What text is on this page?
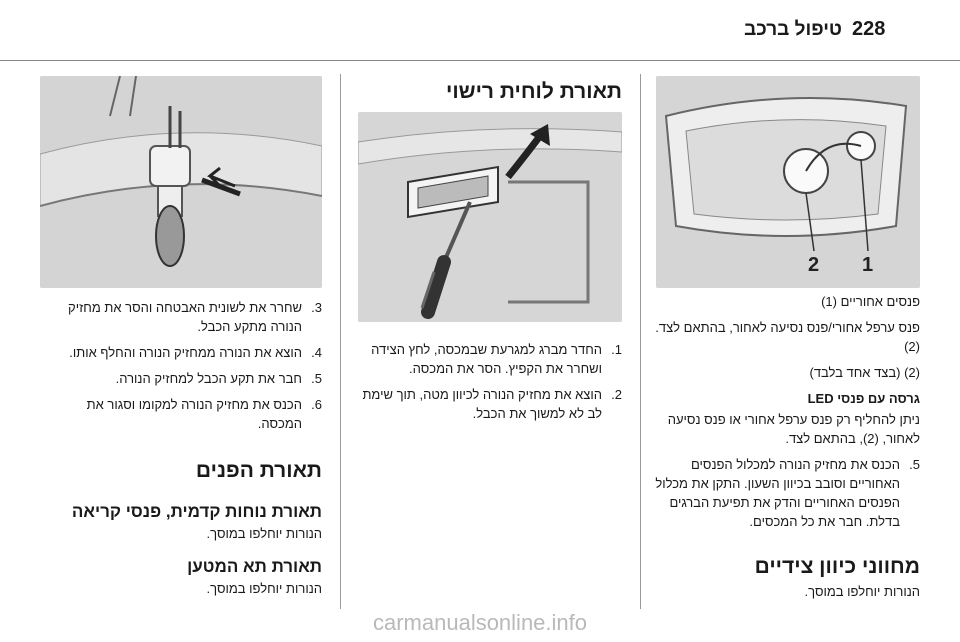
228
טיפול ברכב
3.
שחרר את לשונית האבטחה והסר את מחזיק הנורה מתקע הכבל.
4.
הוצא את הנורה ממחזיק הנורה והחלף אותו.
5.
חבר את תקע הכבל למחזיק הנורה.
6.
הכנס את מחזיק הנורה למקומו וסגור את המכסה.
תאורת הפנים
תאורת נוחות קדמית, פנסי קריאה
הנורות יוחלפו במוסך.
תאורת תא המטען
הנורות יוחלפו במוסך.
תאורת לוחית רישוי
1.
החדר מברג למגרעת שבמכסה, לחץ הצידה ושחרר את הקפיץ. הסר את המכסה.
2.
הוצא את מחזיק הנורה לכיוון מטה, תוך שימת לב לא למשוך את הכבל.
2 1

פנסים אחוריים (1)

פנס ערפל אחורי/פנס נסיעה לאחור, בהתאם לצד. (2)

(2) (בצד אחד בלבד)

גרסה עם פנסי LED

ניתן להחליף רק פנס ערפל אחורי או פנס נסיעה לאחור, (2), בהתאם לצד.

5.
הכנס את מחזיק הנורה למכלול הפנסים האחוריים וסובב בכיוון השעון. התקן את מכלול הפנסים האחוריים והדק את תפיעת הברגים בדלת. חבר את כל המכסים.
מחווני כיוון צידיים
הנורות יוחלפו במוסך.
carmanualsonline.info
